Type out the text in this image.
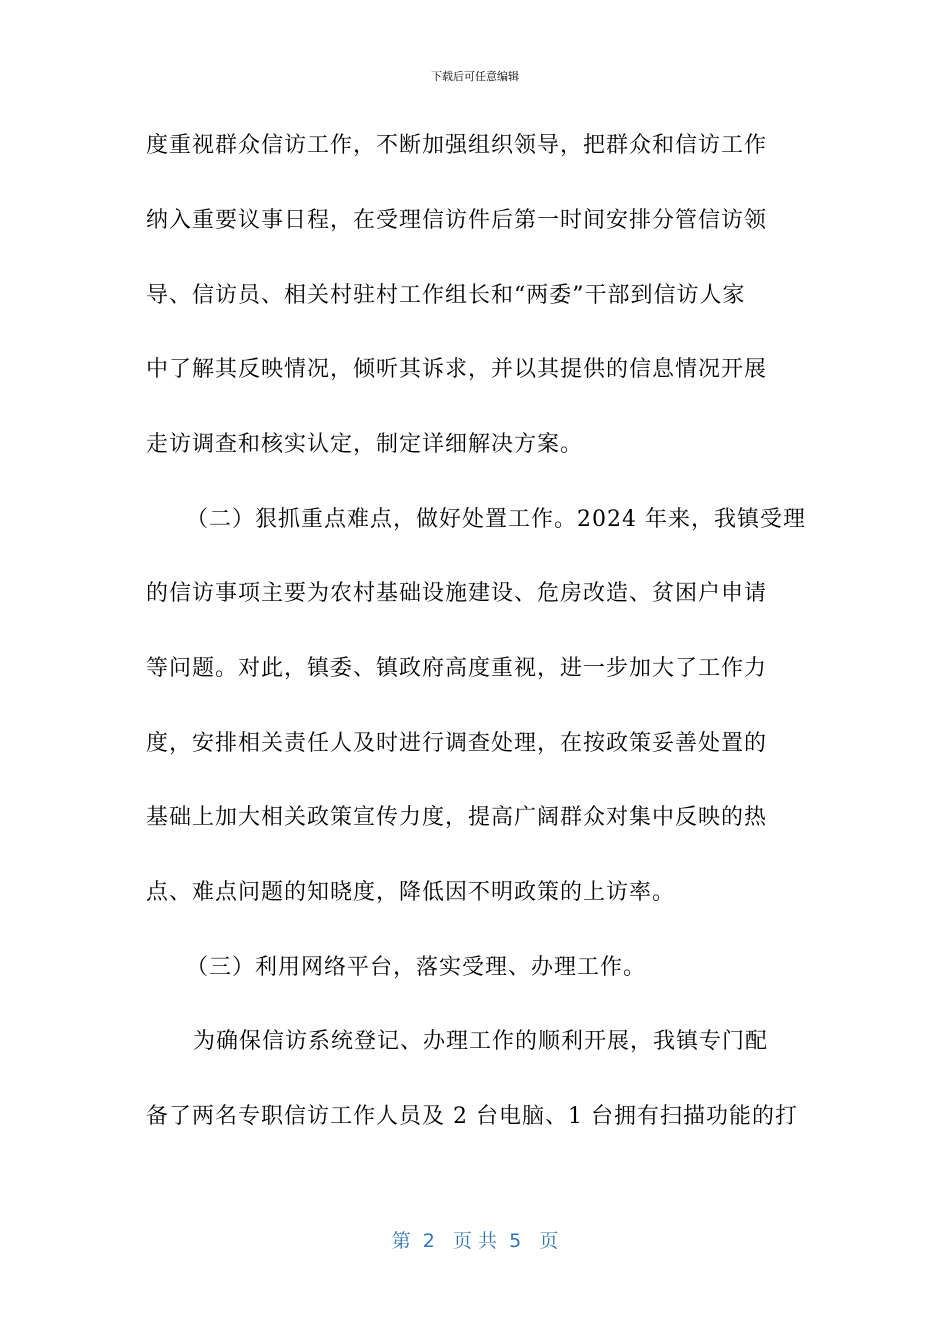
下载后可任意编辑
度重视群众信访工作，不断加强组织领导，把群众和信访工作
纳入重要议事日程，在受理信访件后第一时间安排分管信访领
导、信访员、相关村驻村工作组长和“两委”干部到信访人家
中了解其反映情况，倾听其诉求，并以其提供的信息情况开展
走访调查和核实认定，制定详细解决方案。
（二）狠抓重点难点，做好处置工作。2024 年来，我镇受理
的信访事项主要为农村基础设施建设、危房改造、贫困户申请
等问题。对此，镇委、镇政府高度重视，进一步加大了工作力
度，安排相关责任人及时进行调查处理，在按政策妥善处置的
基础上加大相关政策宣传力度，提高广阔群众对集中反映的热
点、难点问题的知晓度，降低因不明政策的上访率。
（三）利用网络平台，落实受理、办理工作。
为确保信访系统登记、办理工作的顺利开展，我镇专门配
备了两名专职信访工作人员及 2 台电脑、1 台拥有扫描功能的打
第  2   页 共  5   页
